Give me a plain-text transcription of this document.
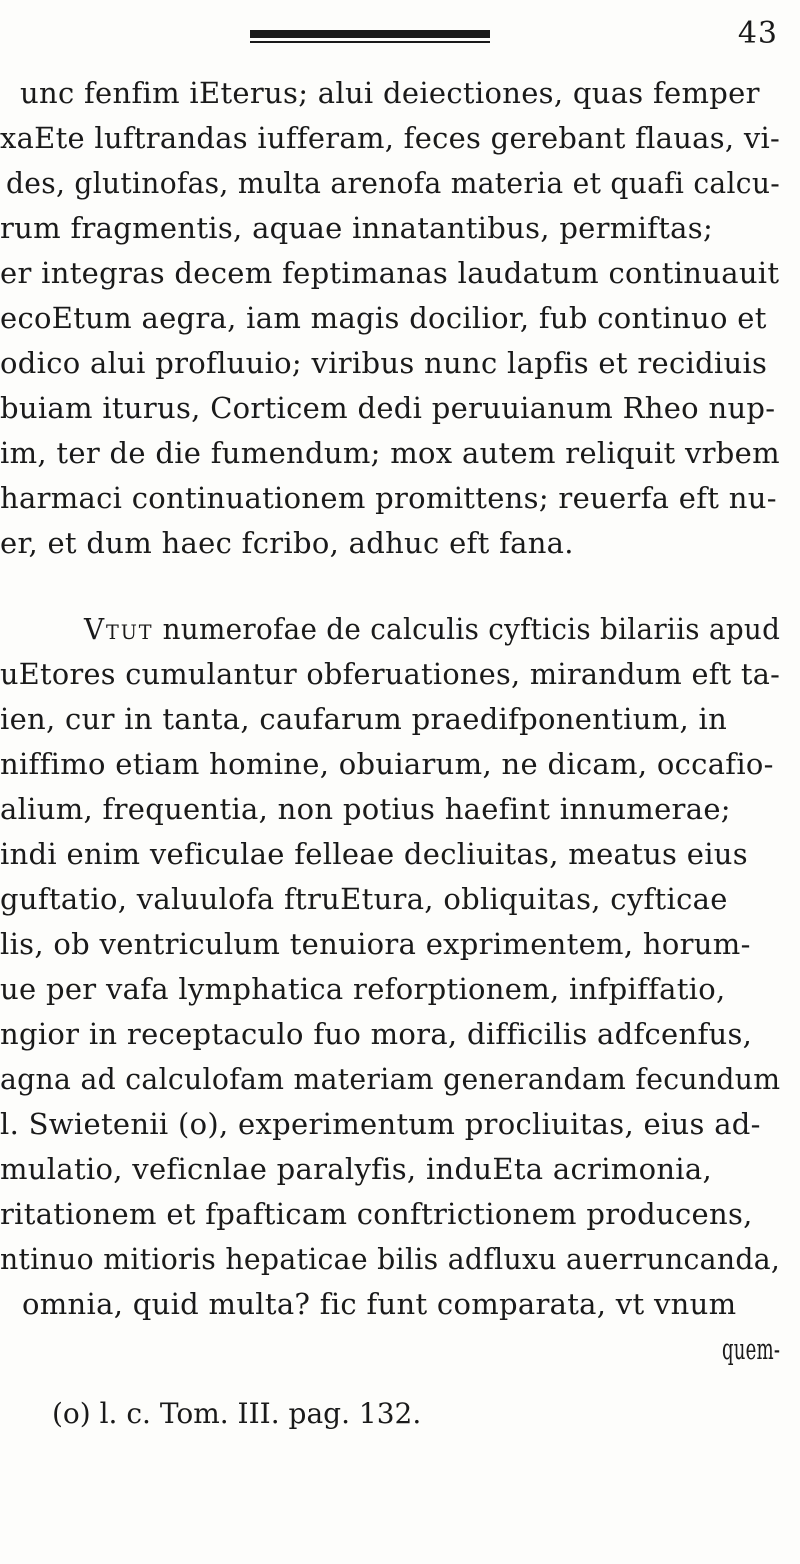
43
unc fenfim iEterus; alui deiectiones, quas femper
xaEte luftrandas iufferam, feces gerebant flauas, vi-
des, glutinofas, multa arenofa materia et quafi calcu-
rum fragmentis, aquae innatantibus, permiftas;
er integras decem feptimanas laudatum continuauit
ecoEtum aegra, iam magis docilior, fub continuo et
odico alui profluuio; viribus nunc lapfis et recidiuis
buiam iturus, Corticem dedi peruuianum Rheo nup-
im, ter de die fumendum; mox autem reliquit vrbem
harmaci continuationem promittens; reuerfa eft nu-
er, et dum haec fcribo, adhuc eft fana.
Vtut numerofae de calculis cyfticis bilariis apud
uEtores cumulantur obferuationes, mirandum eft ta-
ien, cur in tanta, caufarum praedifponentium, in
niffimo etiam homine, obuiarum, ne dicam, occafio-
alium, frequentia, non potius haefint innumerae;
indi enim veficulae felleae decliuitas, meatus eius
guftatio, valuulofa ftruEtura, obliquitas, cyfticae
lis, ob ventriculum tenuiora exprimentem, horum-
ue per vafa lymphatica reforptionem, infpiffatio,
ngior in receptaculo fuo mora, difficilis adfcenfus,
agna ad calculofam materiam generandam fecundum
l. Swietenii (o), experimentum procliuitas, eius ad-
mulatio, veficnlae paralyfis, induEta acrimonia,
ritationem et fpafticam conftrictionem producens,
ntinuo mitioris hepaticae bilis adfluxu auerruncanda,
omnia, quid multa? fic funt comparata, vt vnum
quem-
(o) l. c. Tom. III. pag. 132.
